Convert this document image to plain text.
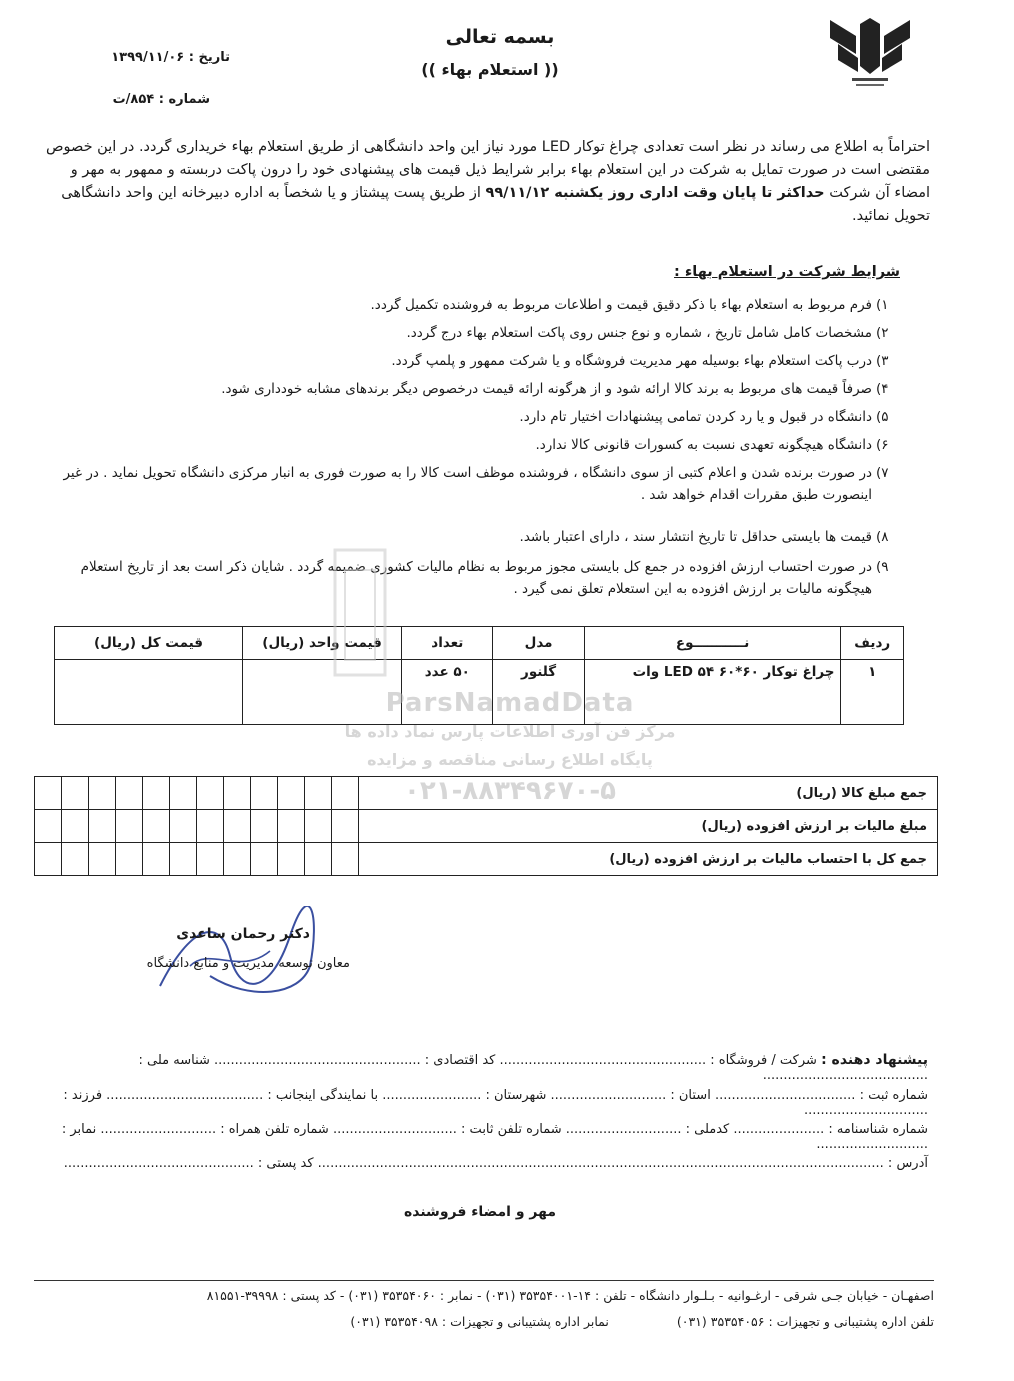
بسمه تعالی
(( استعلام بهاء ))
تاریخ : ۱۳۹۹/۱۱/۰۶
شماره : ۸۵۴/ت
احتراماً به اطلاع می رساند در نظر است تعدادی چراغ توکار LED مورد نیاز این واحد دانشگاهی از طریق استعلام بهاء خریداری گردد. در این خصوص مقتضی است در صورت تمایل به شرکت در این استعلام بهاء برابر شرایط ذیل قیمت های پیشنهادی خود را درون پاکت دربسته و ممهور به مهر و امضاء آن شرکت حداکثر تا پایان وقت اداری روز یکشنبه ۹۹/۱۱/۱۲ از طریق پست پیشتاز و یا شخصاً به اداره دبیرخانه این واحد دانشگاهی تحویل نمائید.
شرایط شرکت در استعلام بهاء :
۱)
فرم مربوط به استعلام بهاء با ذکر دقیق قیمت و اطلاعات مربوط به فروشنده تکمیل گردد.
۲)
مشخصات کامل شامل تاریخ ، شماره و نوع جنس روی پاکت استعلام بهاء درج گردد.
۳)
درب پاکت استعلام بهاء بوسیله مهر مدیریت فروشگاه و یا شرکت ممهور و پلمپ گردد.
۴)
صرفاً قیمت های مربوط به برند کالا ارائه شود و از هرگونه ارائه قیمت درخصوص دیگر برندهای مشابه خودداری شود.
۵)
دانشگاه در قبول و یا رد کردن تمامی پیشنهادات اختیار تام دارد.
۶)
دانشگاه هیچگونه تعهدی نسبت به کسورات قانونی کالا ندارد.
۷)
در صورت برنده شدن و اعلام کتبی از سوی دانشگاه ، فروشنده موظف است کالا را به صورت فوری به انبار مرکزی دانشگاه تحویل نماید . در غیر اینصورت طبق مقررات اقدام خواهد شد .
۸)
قیمت ها بایستی حداقل تا تاریخ انتشار سند ، دارای اعتبار باشد.
۹)
در صورت احتساب ارزش افزوده در جمع کل بایستی مجوز مربوط به نظام مالیات کشوری ضمیمه گردد . شایان ذکر است بعد از تاریخ استعلام هیچگونه مالیات بر ارزش افزوده به این استعلام تعلق نمی گیرد .
قیمت کل (ریال)	قیمت واحد (ریال)	تعداد	مدل	نـــــــــــوع	ردیف
		۵۰ عدد	گلنور	چراغ توکار ۶۰*۶۰ LED ۵۴ وات	۱
												جمع مبلغ کالا (ریال)
												مبلغ مالیات بر ارزش افزوده (ریال)
												جمع کل با احتساب مالیات بر ارزش افزوده (ریال)
ParsNamadData
مرکز فن آوری اطلاعات پارس نماد داده ها
پایگاه اطلاع رسانی مناقصه و مزایده
۰۲۱-۸۸۳۴۹۶۷۰-۵
دکتر رحمان ساعدی
معاون توسعه مدیریت و منابع دانشگاه
پیشنهاد دهنده : شرکت / فروشگاه : .................................................. کد اقتصادی : .................................................. شناسه ملی : ........................................
شماره ثبت : .................................. استان : ............................ شهرستان : ........................ با نمایندگی اینجانب : ...................................... فرزند : ..............................
شماره شناسنامه : ...................... کدملی : ............................ شماره تلفن ثابت : .............................. شماره تلفن همراه : ............................ نمابر : ...........................
آدرس : ......................................................................................................................................... کد پستی : ..............................................
مهر و امضاء فروشنده
اصفهـان - خیابان جـی شرقی - ارغـوانیه - بـلـوار دانشگاه - تلفن : ۱۴-۳۵۳۵۴۰۰۱ (۰۳۱) - نمابر : ۳۵۳۵۴۰۶۰ (۰۳۱) - کد پستی : ۳۹۹۹۸-۸۱۵۵۱
تلفن اداره پشتیبانی و تجهیزات : ۳۵۳۵۴۰۵۶ (۰۳۱)  نمابر اداره پشتیبانی و تجهیزات : ۳۵۳۵۴۰۹۸ (۰۳۱)
